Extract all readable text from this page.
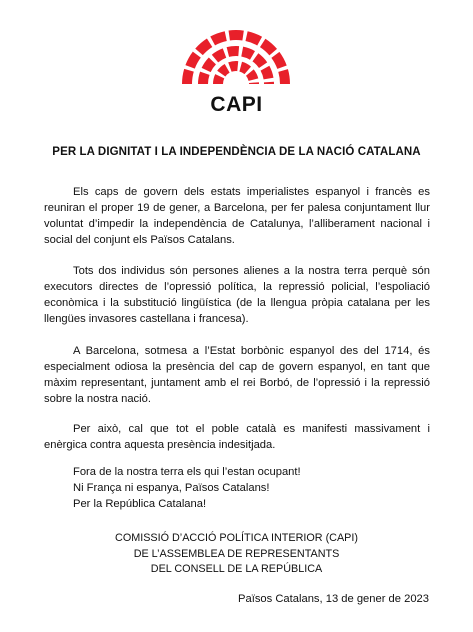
CAPI
PER LA DIGNITAT I LA INDEPENDÈNCIA DE LA NACIÓ CATALANA

Els caps de govern dels estats imperialistes espanyol i francès es reuniran el proper 19 de gener, a Barcelona, per fer palesa conjuntament llur voluntat d’impedir la independència de Catalunya, l’alliberament nacional i social del conjunt els Països Catalans.

Tots dos individus són persones alienes a la nostra terra perquè són executors directes de l’opressió política, la repressió policial, l’espoliació econòmica i la substitució lingüística (de la llengua pròpia catalana per les llengües invasores castellana i francesa).

A Barcelona, sotmesa a l’Estat borbònic espanyol des del 1714, és especialment odiosa la presència del cap de govern espanyol, en tant que màxim representant, juntament amb el rei Borbó, de l’opressió i la repressió sobre la nostra nació.

Per això, cal que tot el poble català es manifesti massivament i enèrgica contra aquesta presència indesitjada.

Fora de la nostra terra els qui l’estan ocupant!
Ni França ni espanya, Països Catalans!
Per la República Catalana!
COMISSIÓ D’ACCIÓ POLÍTICA INTERIOR (CAPI)
DE L’ASSEMBLEA DE REPRESENTANTS
DEL CONSELL DE LA REPÚBLICA
Països Catalans, 13 de gener de 2023
